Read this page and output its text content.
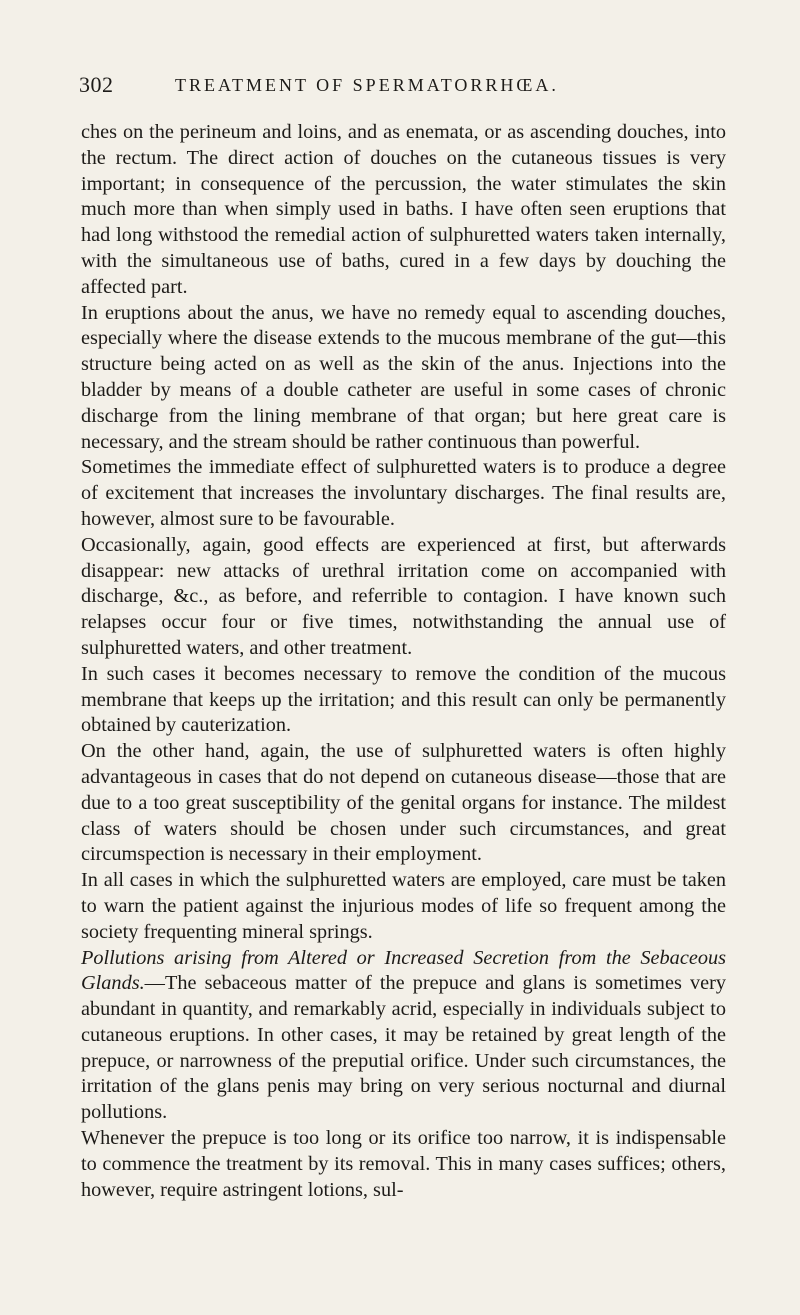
302	TREATMENT OF SPERMATORRHŒA.

ches on the perineum and loins, and as enemata, or as ascending douches, into the rectum. The direct action of douches on the cutaneous tissues is very important; in consequence of the percussion, the water stimulates the skin much more than when simply used in baths. I have often seen eruptions that had long withstood the remedial action of sulphuretted waters taken internally, with the simultaneous use of baths, cured in a few days by douching the affected part.

In eruptions about the anus, we have no remedy equal to ascending douches, especially where the disease extends to the mucous membrane of the gut—this structure being acted on as well as the skin of the anus. Injections into the bladder by means of a double catheter are useful in some cases of chronic discharge from the lining membrane of that organ; but here great care is necessary, and the stream should be rather continuous than powerful.

Sometimes the immediate effect of sulphuretted waters is to produce a degree of excitement that increases the involuntary discharges. The final results are, however, almost sure to be favourable.

Occasionally, again, good effects are experienced at first, but afterwards disappear: new attacks of urethral irritation come on accompanied with discharge, &c., as before, and referrible to contagion. I have known such relapses occur four or five times, notwithstanding the annual use of sulphuretted waters, and other treatment.

In such cases it becomes necessary to remove the condition of the mucous membrane that keeps up the irritation; and this result can only be permanently obtained by cauterization.

On the other hand, again, the use of sulphuretted waters is often highly advantageous in cases that do not depend on cutaneous disease—those that are due to a too great susceptibility of the genital organs for instance. The mildest class of waters should be chosen under such circumstances, and great circumspection is necessary in their employment.

In all cases in which the sulphuretted waters are employed, care must be taken to warn the patient against the injurious modes of life so frequent among the society frequenting mineral springs.

Pollutions arising from Altered or Increased Secretion from the Sebaceous Glands.—The sebaceous matter of the prepuce and glans is sometimes very abundant in quantity, and remarkably acrid, especially in individuals subject to cutaneous eruptions. In other cases, it may be retained by great length of the prepuce, or narrowness of the preputial orifice. Under such circumstances, the irritation of the glans penis may bring on very serious nocturnal and diurnal pollutions.

Whenever the prepuce is too long or its orifice too narrow, it is indispensable to commence the treatment by its removal. This in many cases suffices; others, however, require astringent lotions, sul-
